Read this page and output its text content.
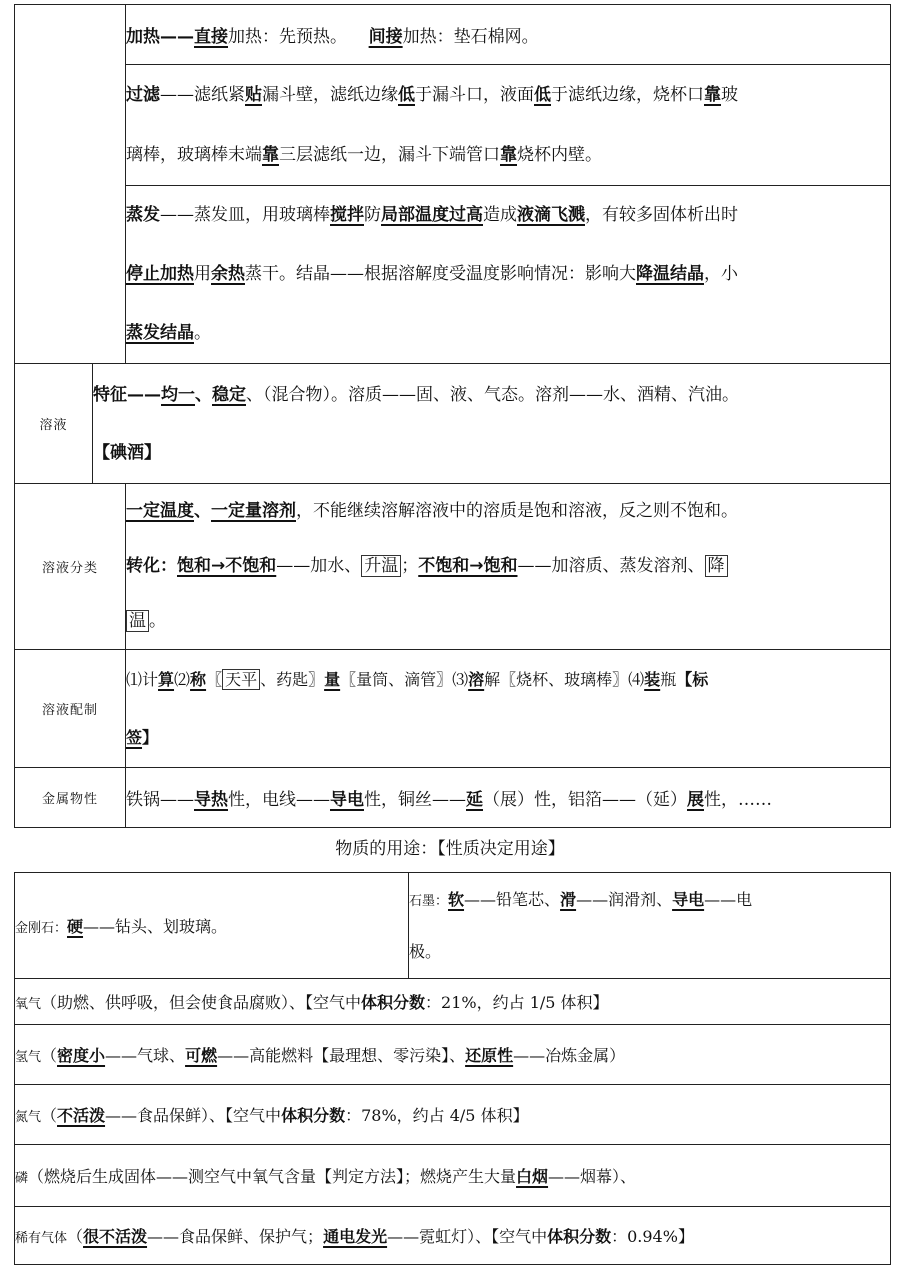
		加热——直接加热：先预热。 间接加热：垫石棉网。

		过滤——滤纸紧贴漏斗壁，滤纸边缘低于漏斗口，液面低于滤纸边缘，烧杯口靠玻
璃棒，玻璃棒末端靠三层滤纸一边，漏斗下端管口靠烧杯内壁。

		蒸发——蒸发皿，用玻璃棒搅拌防局部温度过高造成液滴飞溅，有较多固体析出时
停止加热用余热蒸干。结晶——根据溶解度受温度影响情况：影响大降温结晶，小
蒸发结晶。

溶液	特征——均一、稳定、（混合物）。溶质——固、液、气态。溶剂——水、酒精、汽油。
【碘酒】	

溶液分类		一定温度、一定量溶剂，不能继续溶解溶液中的溶质是饱和溶液，反之则不饱和。
转化：饱和→不饱和——加水、 升温 ；不饱和→饱和——加溶质、蒸发溶剂、 降
温 。

溶液配制		⑴计算⑵称〖 天平 、药匙〗量〖量筒、滴管〗⑶溶解〖烧杯、玻璃棒〗⑷装瓶【标
签】

金属物性		铁锅——导热性，电线——导电性，铜丝——延（展）性，铝箔——（延）展性，……
物质的用途：【性质决定用途】
金刚石：硬——钻头、划玻璃。

石墨：软——铅笔芯、滑——润滑剂、导电——电
极。

氧气（助燃、供呼吸，但会使食品腐败）、【空气中体积分数：21%，约占 1/5 体积】

氢气（密度小——气球、可燃——高能燃料【最理想、零污染】、还原性——冶炼金属）

氮气（不活泼——食品保鲜）、【空气中体积分数：78%，约占 4/5 体积】

磷（燃烧后生成固体——测空气中氧气含量【判定方法】；燃烧产生大量白烟——烟幕）、

稀有气体（很不活泼——食品保鲜、保护气；通电发光——霓虹灯）、【空气中体积分数：0.94%】
